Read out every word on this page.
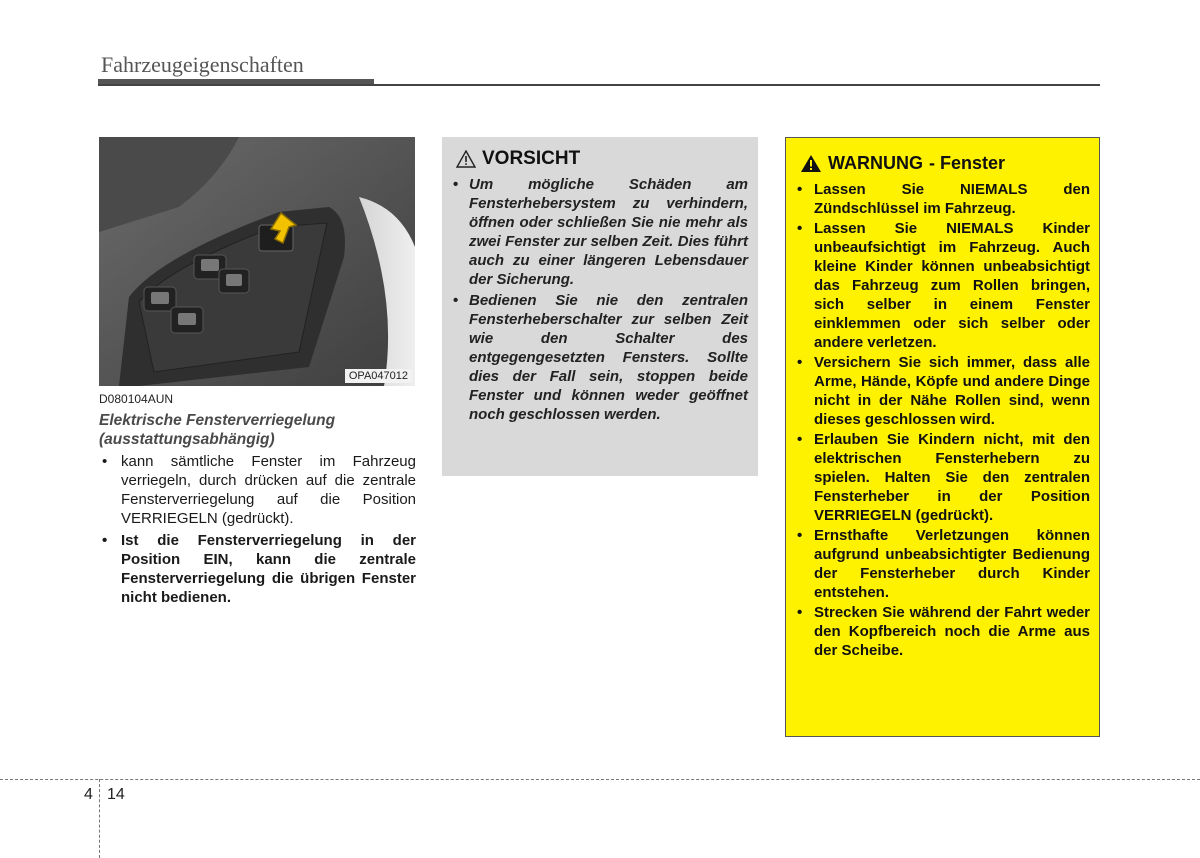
Fahrzeugeigenschaften
OPA047012
D080104AUN
Elektrische Fensterverriegelung
(ausstattungsabhängig)
• kann sämtliche Fenster im Fahrzeug verriegeln, durch drücken auf die zentrale Fensterverriegelung auf die Position VERRIEGELN (gedrückt).
• Ist die Fensterverriegelung in der Position EIN, kann die zentrale Fensterverriegelung die übrigen Fenster nicht bedienen.
VORSICHT
• Um mögliche Schäden am Fensterhebersystem zu verhindern, öffnen oder schließen Sie nie mehr als zwei Fenster zur selben Zeit. Dies führt auch zu einer längeren Lebensdauer der Sicherung.
• Bedienen Sie nie den zentralen Fensterheberschalter zur selben Zeit wie den Schalter des entgegengesetzten Fensters. Sollte dies der Fall sein, stoppen beide Fenster und können weder geöffnet noch geschlossen werden.
WARNUNG - Fenster
• Lassen Sie NIEMALS den Zündschlüssel im Fahrzeug.
• Lassen Sie NIEMALS Kinder unbeaufsichtigt im Fahrzeug. Auch kleine Kinder können unbeabsichtigt das Fahrzeug zum Rollen bringen, sich selber in einem Fenster einklemmen oder sich selber oder andere verletzen.
• Versichern Sie sich immer, dass alle Arme, Hände, Köpfe und andere Dinge nicht in der Nähe Rollen sind, wenn dieses geschlossen wird.
• Erlauben Sie Kindern nicht, mit den elektrischen Fensterhebern zu spielen. Halten Sie den zentralen Fensterheber in der Position VERRIEGELN (gedrückt).
• Ernsthafte Verletzungen können aufgrund unbeabsichtigter Bedienung der Fensterheber durch Kinder entstehen.
• Strecken Sie während der Fahrt weder den Kopfbereich noch die Arme aus der Scheibe.
4 14
